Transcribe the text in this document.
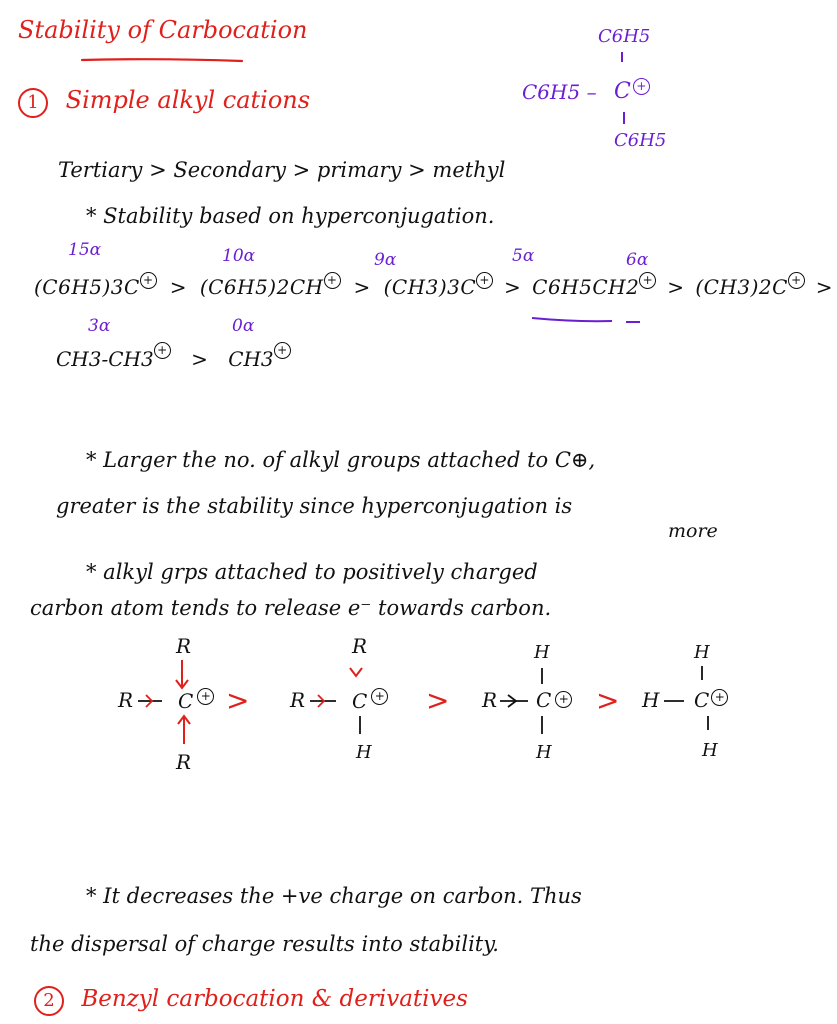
Stability of Carbocation
1 Simple alkyl cations
C6H5
C6H5 – C +
C6H5
Tertiary > Secondary > primary > methyl
* Stability based on hyperconjugation.
15α	10α	9α	5α	6α
(C6H5)3C + > (C6H5)2CH + > (CH3)3C + > C6H5CH2 + > (CH3)2C + >
3α	0α
CH3-CH3 + > CH3 +
* Larger the no. of alkyl groups attached to C⊕,
greater is the stability since hyperconjugation is
more
* alkyl grps attached to positively charged
carbon atom tends to release e⁻ towards carbon.
R
R C +
R
>
R
R C +
H
>
H
R C +
H
>
H
H C +
H
* It decreases the +ve charge on carbon. Thus
the dispersal of charge results into stability.
2 Benzyl carbocation & derivatives
